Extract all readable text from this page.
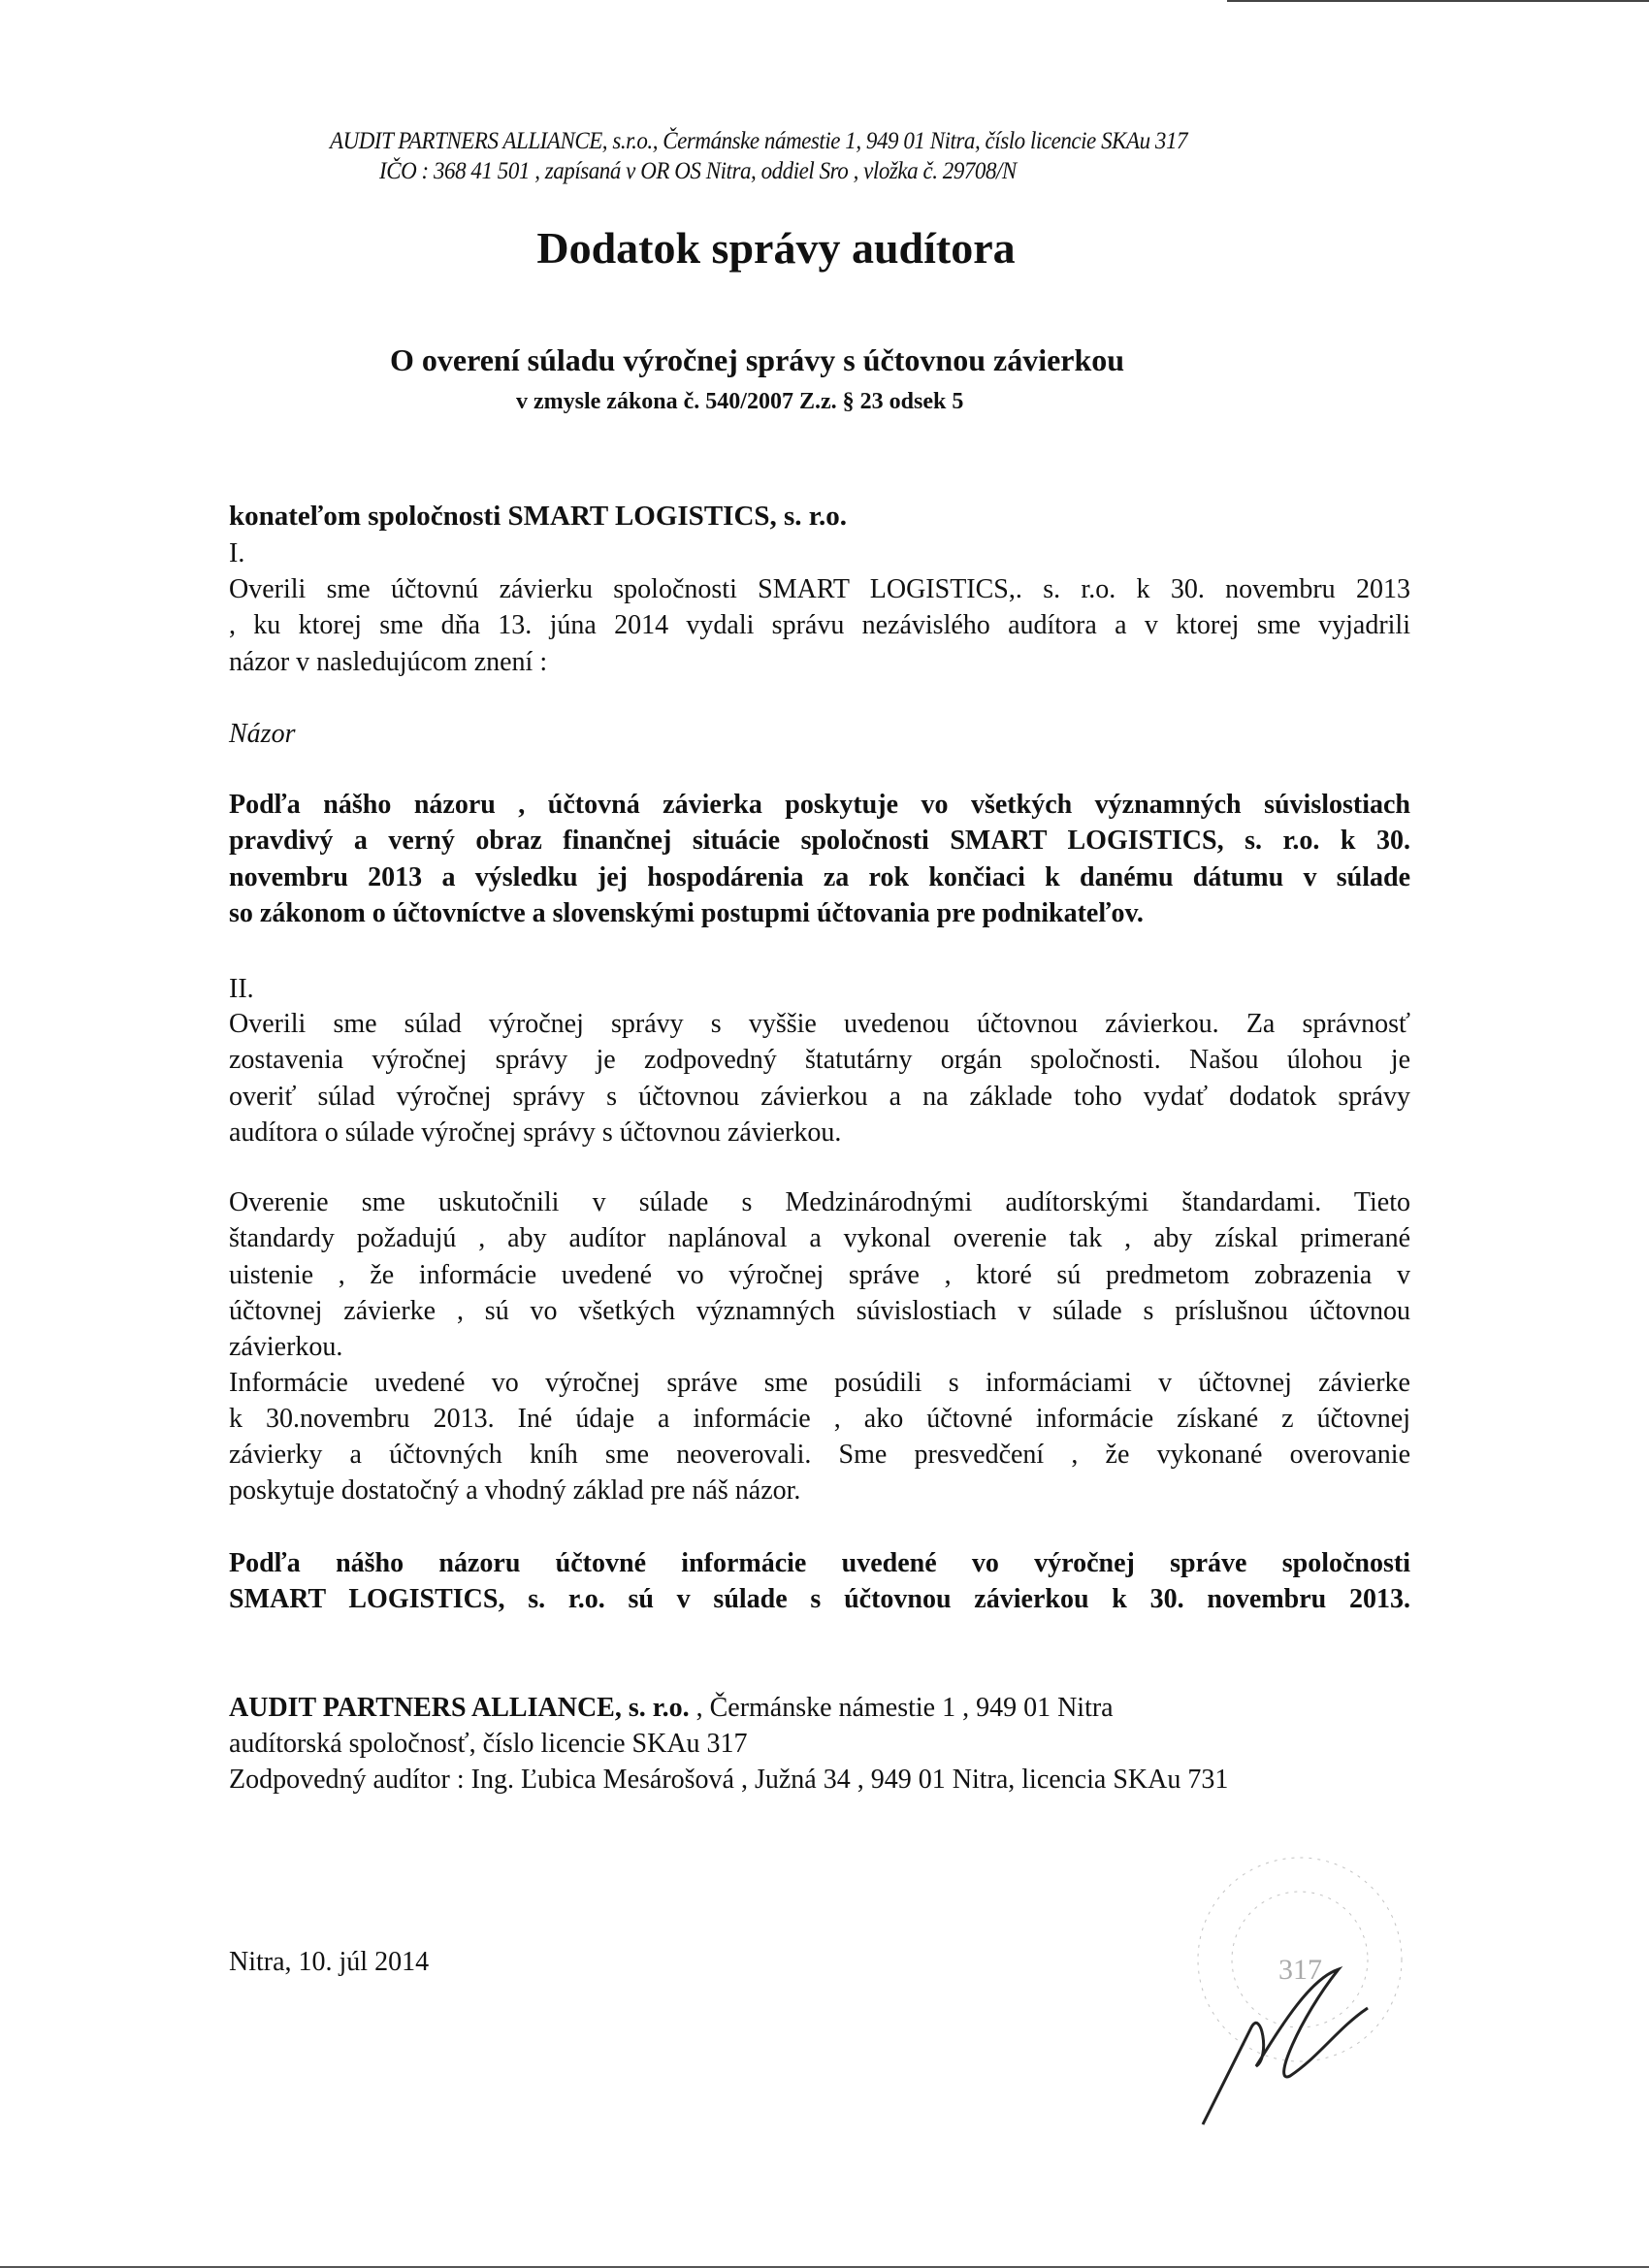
AUDIT PARTNERS ALLIANCE, s.r.o., Čermánske námestie 1, 949 01 Nitra, číslo licencie SKAu 317
IČO : 368 41 501 , zapísaná v OR OS Nitra, oddiel Sro , vložka č. 29708/N
Dodatok správy audítora
O overení súladu výročnej správy s účtovnou závierkou
v zmysle zákona č. 540/2007 Z.z. § 23 odsek 5
konateľom spoločnosti SMART LOGISTICS, s. r.o.
I.
Názor
II.
Overili sme účtovnú závierku spoločnosti SMART LOGISTICS,. s. r.o. k 30. novembru 2013
, ku ktorej sme dňa 13. júna 2014 vydali správu nezávislého audítora a v ktorej sme vyjadrili
názor v nasledujúcom znení :
Podľa nášho názoru , účtovná závierka poskytuje vo všetkých významných súvislostiach
pravdivý a verný obraz finančnej situácie spoločnosti SMART LOGISTICS, s. r.o. k 30.
novembru 2013 a výsledku jej hospodárenia za rok končiaci k danému dátumu v súlade
so zákonom o účtovníctve a slovenskými postupmi účtovania pre podnikateľov.
Overili sme súlad výročnej správy s vyššie uvedenou účtovnou závierkou. Za správnosť
zostavenia výročnej správy je zodpovedný štatutárny orgán spoločnosti. Našou úlohou je
overiť súlad výročnej správy s účtovnou závierkou a na základe toho vydať dodatok správy
audítora o súlade výročnej správy s účtovnou závierkou.
Overenie sme uskutočnili v súlade s Medzinárodnými audítorskými štandardami. Tieto
štandardy požadujú , aby audítor naplánoval a vykonal overenie tak , aby získal primerané
uistenie , že informácie uvedené vo výročnej správe , ktoré sú predmetom zobrazenia v
účtovnej závierke , sú vo všetkých významných súvislostiach v súlade s príslušnou účtovnou
závierkou.
Informácie uvedené vo výročnej správe sme posúdili s informáciami v účtovnej závierke
k 30.novembru 2013. Iné údaje a informácie , ako účtovné informácie získané z účtovnej
závierky a účtovných kníh sme neoverovali. Sme presvedčení , že vykonané overovanie
poskytuje dostatočný a vhodný základ pre náš názor.
Podľa nášho názoru účtovné informácie uvedené vo výročnej správe spoločnosti
SMART LOGISTICS, s. r.o. sú v súlade s účtovnou závierkou k 30. novembru 2013.
AUDIT PARTNERS ALLIANCE, s. r.o. , Čermánske námestie 1 , 949 01 Nitra
audítorská spoločnosť, číslo licencie SKAu 317
Zodpovedný audítor : Ing. Ľubica Mesárošová , Južná 34 , 949 01 Nitra, licencia SKAu 731
Nitra, 10. júl 2014	317
